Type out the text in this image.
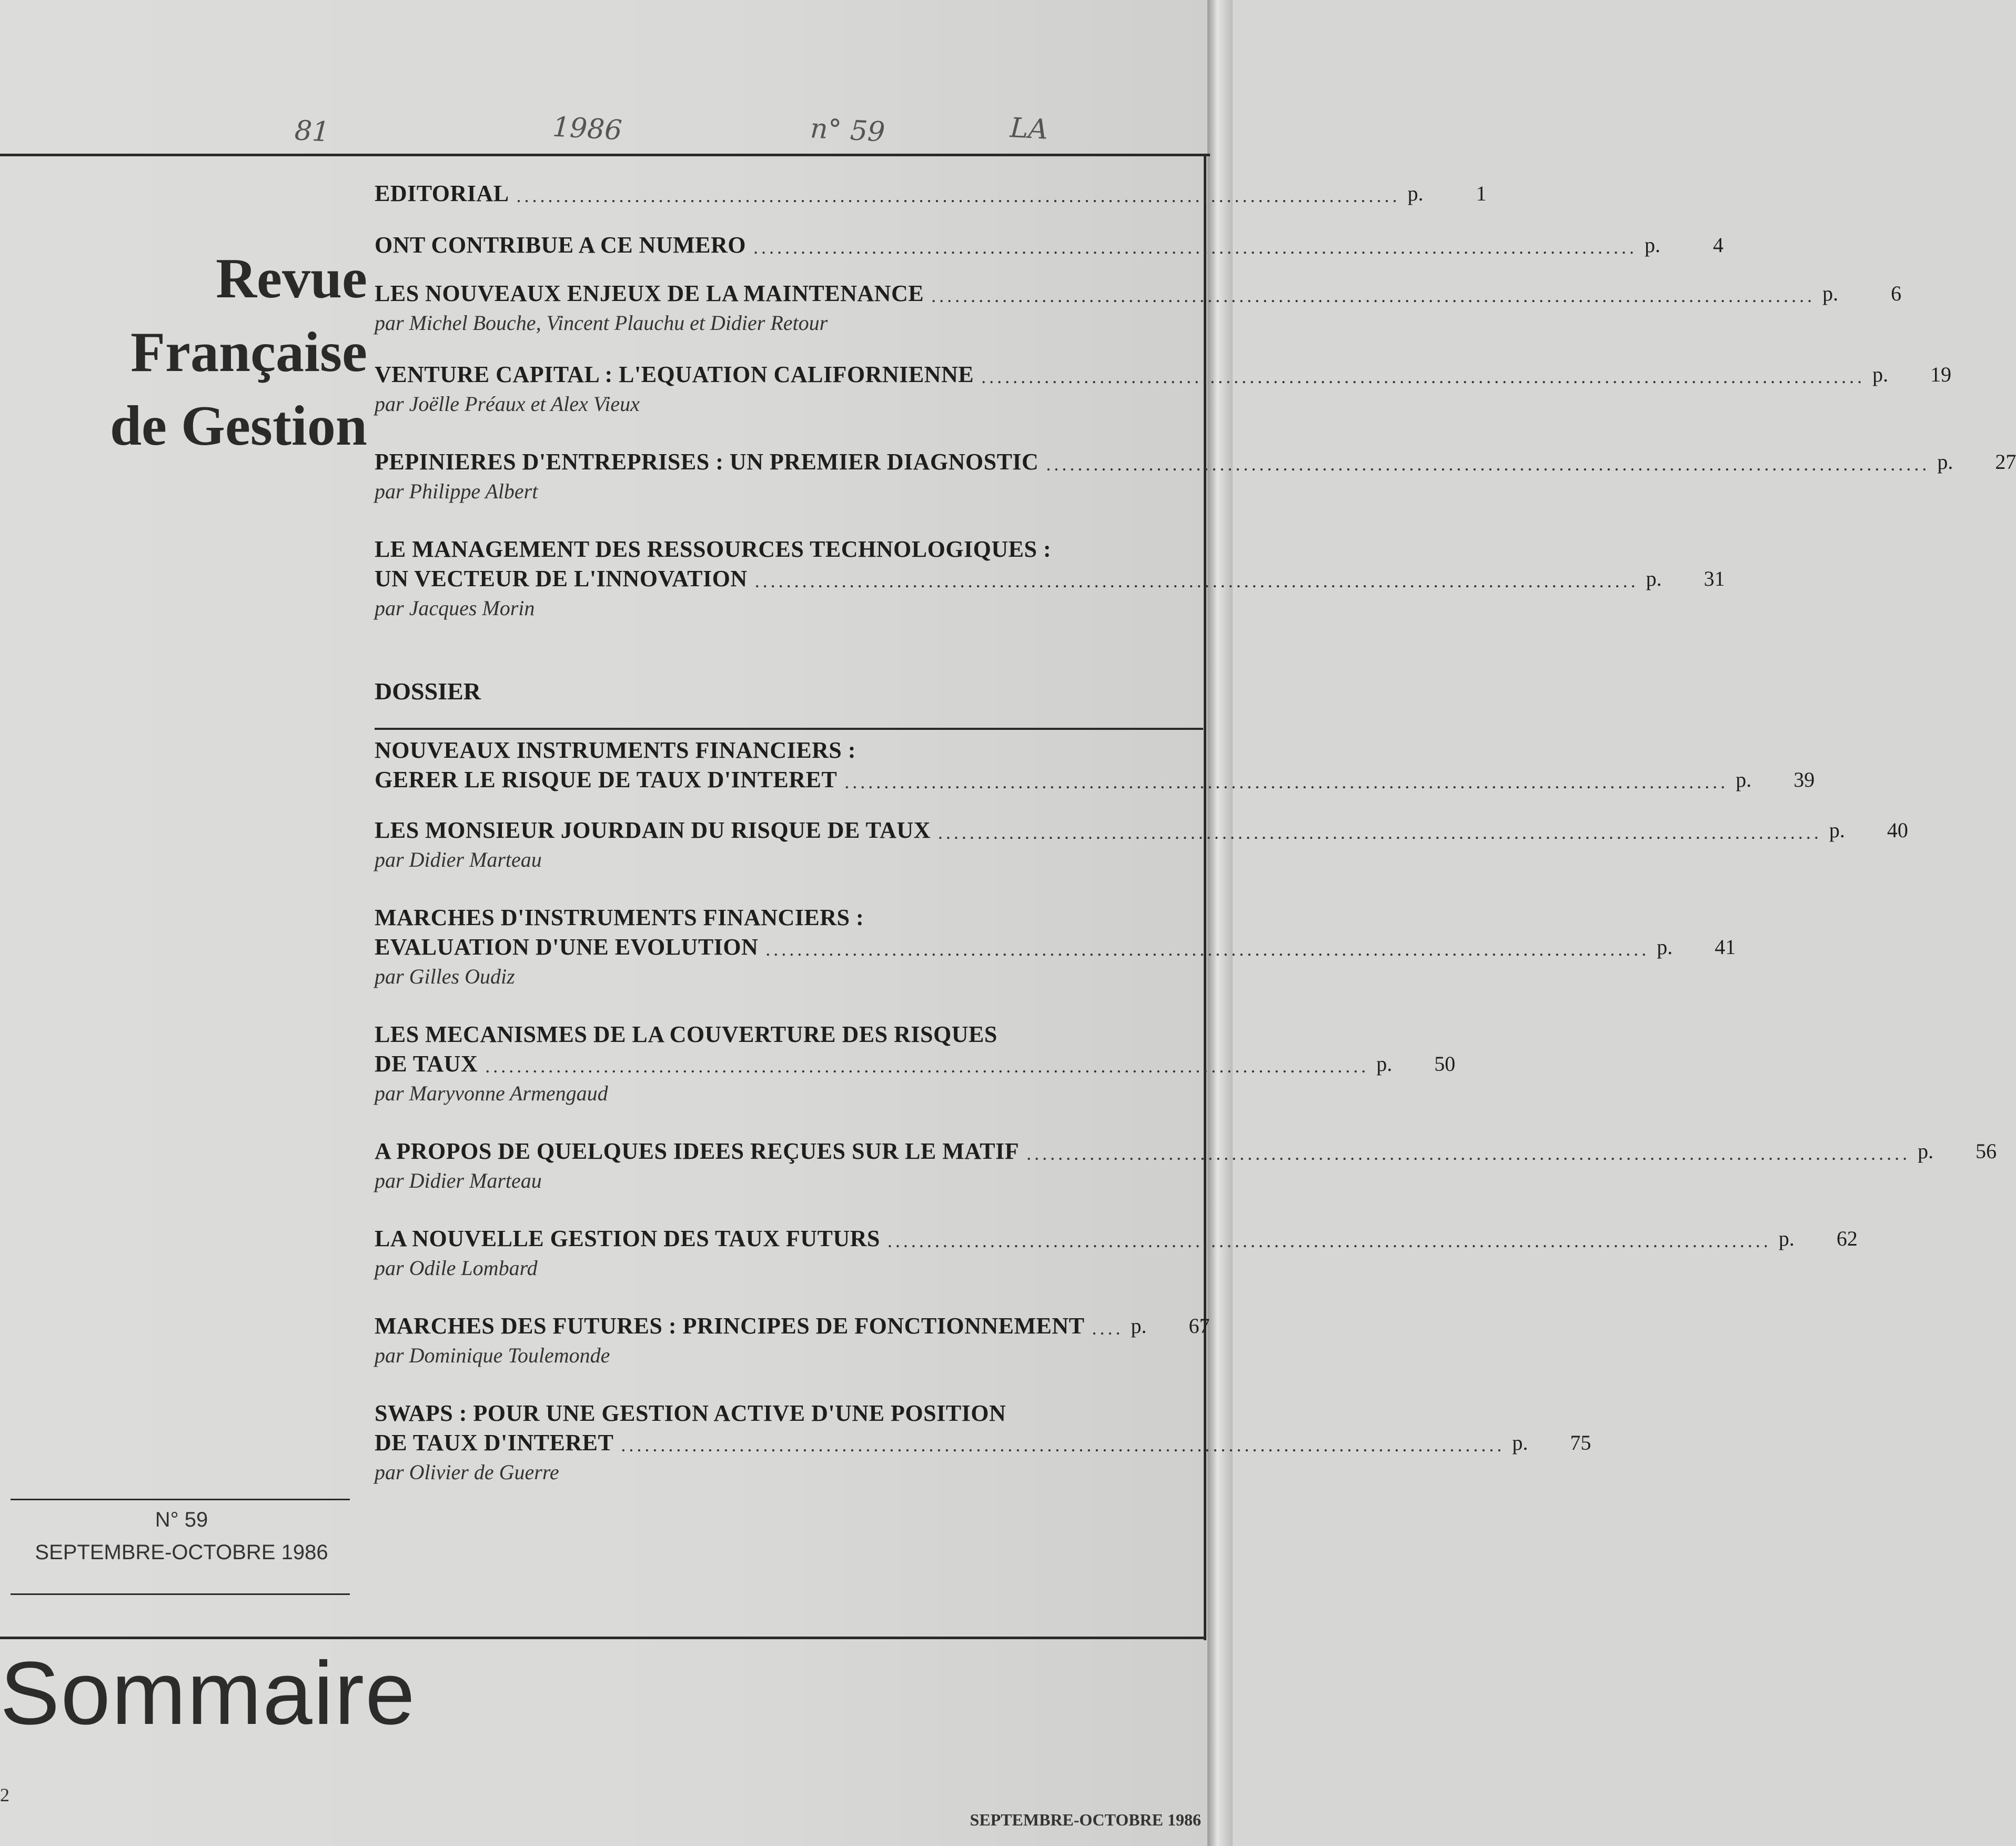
81	1986	n° 59	LA
Revue
Française
de Gestion
N° 59
SEPTEMBRE-OCTOBRE 1986
EDITORIAL ................................................................................................................ p.	1
ONT CONTRIBUE A CE NUMERO ................................................................................................................ p.	4
LES NOUVEAUX ENJEUX DE LA MAINTENANCE ................................................................................................................ p.	6
par Michel Bouche, Vincent Plauchu et Didier Retour
VENTURE CAPITAL : L'EQUATION CALIFORNIENNE ................................................................................................................ p. 19
par Joëlle Préaux et Alex Vieux
PEPINIERES D'ENTREPRISES : UN PREMIER DIAGNOSTIC ................................................................................................................ p. 27
par Philippe Albert
LE MANAGEMENT DES RESSOURCES TECHNOLOGIQUES :
UN VECTEUR DE L'INNOVATION ................................................................................................................ p. 31
par Jacques Morin
DOSSIER
NOUVEAUX INSTRUMENTS FINANCIERS :
GERER LE RISQUE DE TAUX D'INTERET ................................................................................................................ p. 39
LES MONSIEUR JOURDAIN DU RISQUE DE TAUX ................................................................................................................ p. 40
par Didier Marteau
MARCHES D'INSTRUMENTS FINANCIERS :
EVALUATION D'UNE EVOLUTION ................................................................................................................ p. 41
par Gilles Oudiz
LES MECANISMES DE LA COUVERTURE DES RISQUES
DE TAUX ................................................................................................................ p. 50
par Maryvonne Armengaud
A PROPOS DE QUELQUES IDEES REÇUES SUR LE MATIF ................................................................................................................ p. 56
par Didier Marteau
LA NOUVELLE GESTION DES TAUX FUTURS ................................................................................................................ p. 62
par Odile Lombard
MARCHES DES FUTURES : PRINCIPES DE FONCTIONNEMENT .... p. 67
par Dominique Toulemonde
SWAPS : POUR UNE GESTION ACTIVE D'UNE POSITION
DE TAUX D'INTERET ................................................................................................................ p. 75
par Olivier de Guerre
Sommaire
2
SEPTEMBRE-OCTOBRE 1986
